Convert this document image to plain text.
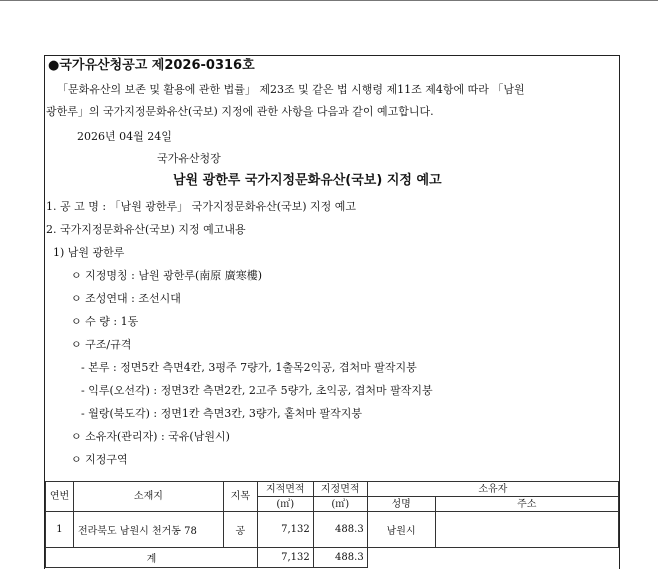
●국가유산청공고 제2026-0316호
「문화유산의 보존 및 활용에 관한 법률」 제23조 및 같은 법 시행령 제11조 제4항에 따라 「남원
광한루」의 국가지정문화유산(국보) 지정에 관한 사항을 다음과 같이 예고합니다.
2026년 04월 24일
국가유산청장
남원 광한루 국가지정문화유산(국보) 지정 예고
1. 공 고 명 : 「남원 광한루」 국가지정문화유산(국보) 지정 예고
2. 국가지정문화유산(국보) 지정 예고내용
1) 남원 광한루
ㅇ 지정명칭 : 남원 광한루(南原 廣寒樓)
ㅇ 조성연대 : 조선시대
ㅇ 수 량 : 1동
ㅇ 구조/규격
- 본루 : 정면5칸 측면4칸, 3평주 7량가, 1출목2익공, 겹처마 팔작지붕
- 익루(오선각) : 정면3칸 측면2칸, 2고주 5량가, 초익공, 겹처마 팔작지붕
- 월랑(북도각) : 정면1칸 측면3칸, 3량가, 홑처마 팔작지붕
ㅇ 소유자(관리자) : 국유(남원시)
ㅇ 지정구역
연번	소재지	지목	지적면적	지정면적	소유자	
			(㎡)	(㎡)	성명	주소
1	전라북도 남원시 천거동 78	공	7,132	488.3	남원시	
계			7,132	488.3		
